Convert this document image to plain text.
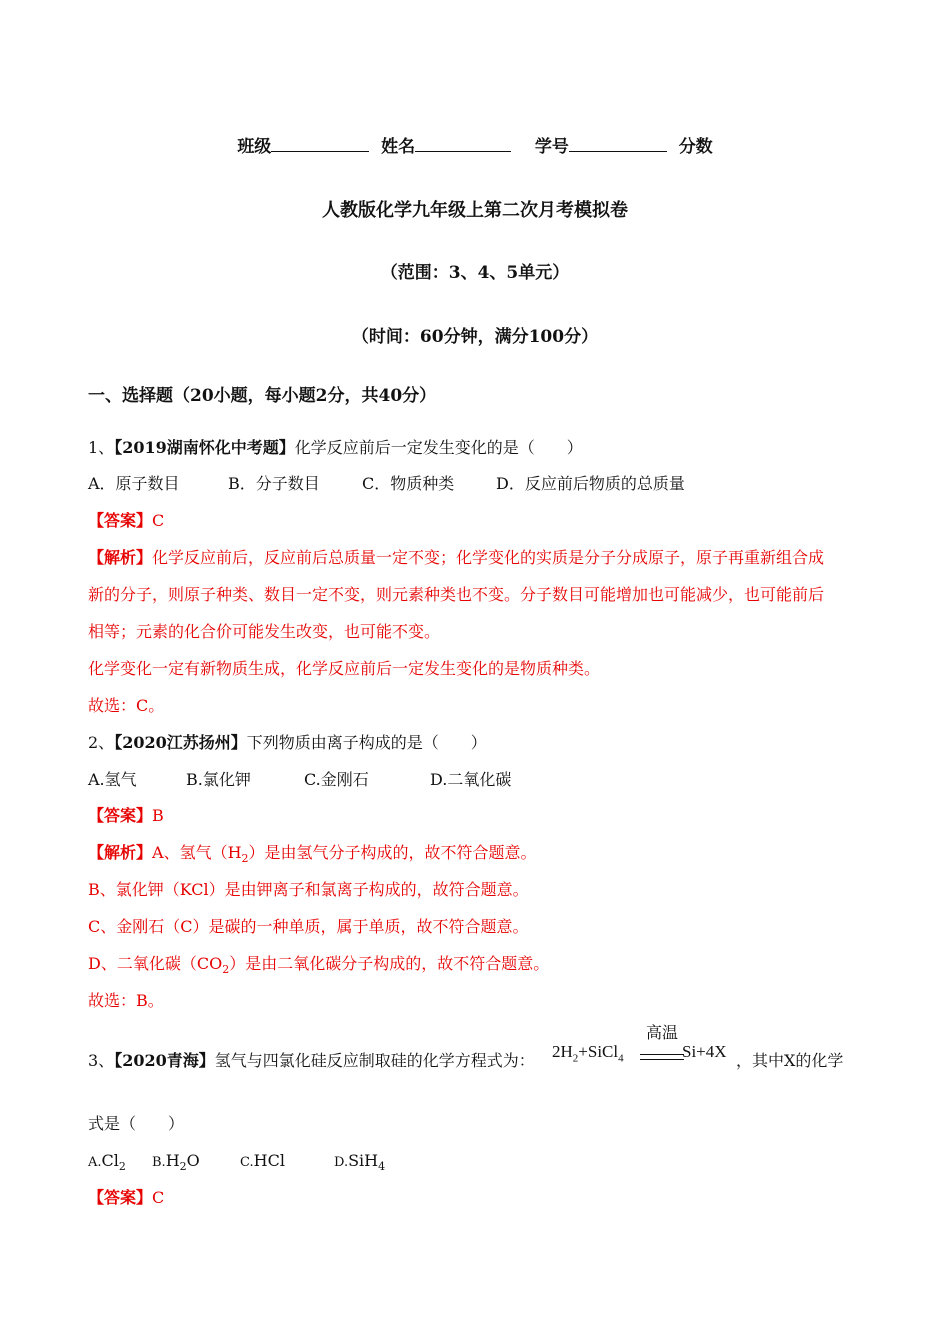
班级	姓名	学号	分数
人教版化学九年级上第二次月考模拟卷
（范围：3、4、5单元）
（时间：60分钟，满分100分）
一、选择题（20小题，每小题2分，共40分）
1、【2019湖南怀化中考题】化学反应前后一定发生变化的是（　　）
A．原子数目	B．分子数目	C．物质种类	D．反应前后物质的总质量
【答案】C
【解析】化学反应前后，反应前后总质量一定不变；化学变化的实质是分子分成原子，原子再重新组合成
新的分子，则原子种类、数目一定不变，则元素种类也不变。分子数目可能增加也可能减少，也可能前后
相等；元素的化合价可能发生改变，也可能不变。
化学变化一定有新物质生成，化学反应前后一定发生变化的是物质种类。
故选：C。
2、【2020江苏扬州】下列物质由离子构成的是（　　）
A.氢气	B.氯化钾	C.金刚石	D.二氧化碳
【答案】B
【解析】A、氢气$(H_2)$是由氢气分子构成的，故不符合题意。
B、氯化钾（KCl）是由钾离子和氯离子构成的，故符合题意。
C、金刚石（C）是碳的一种单质，属于单质，故不符合题意。
D、二氧化碳$(CO_2)$是由二氧化碳分子构成的，故不符合题意。
故选：B。
3、【2020青海】氢气与四氯化硅反应制取硅的化学方程式为： $2H_2+SiCl_4$
高温
Si+4X ，其中X的化学
式是（　　）
$A.Cl_2$ $B.H_2O$	C.HCl	D.SiH$_4$
【答案】C
